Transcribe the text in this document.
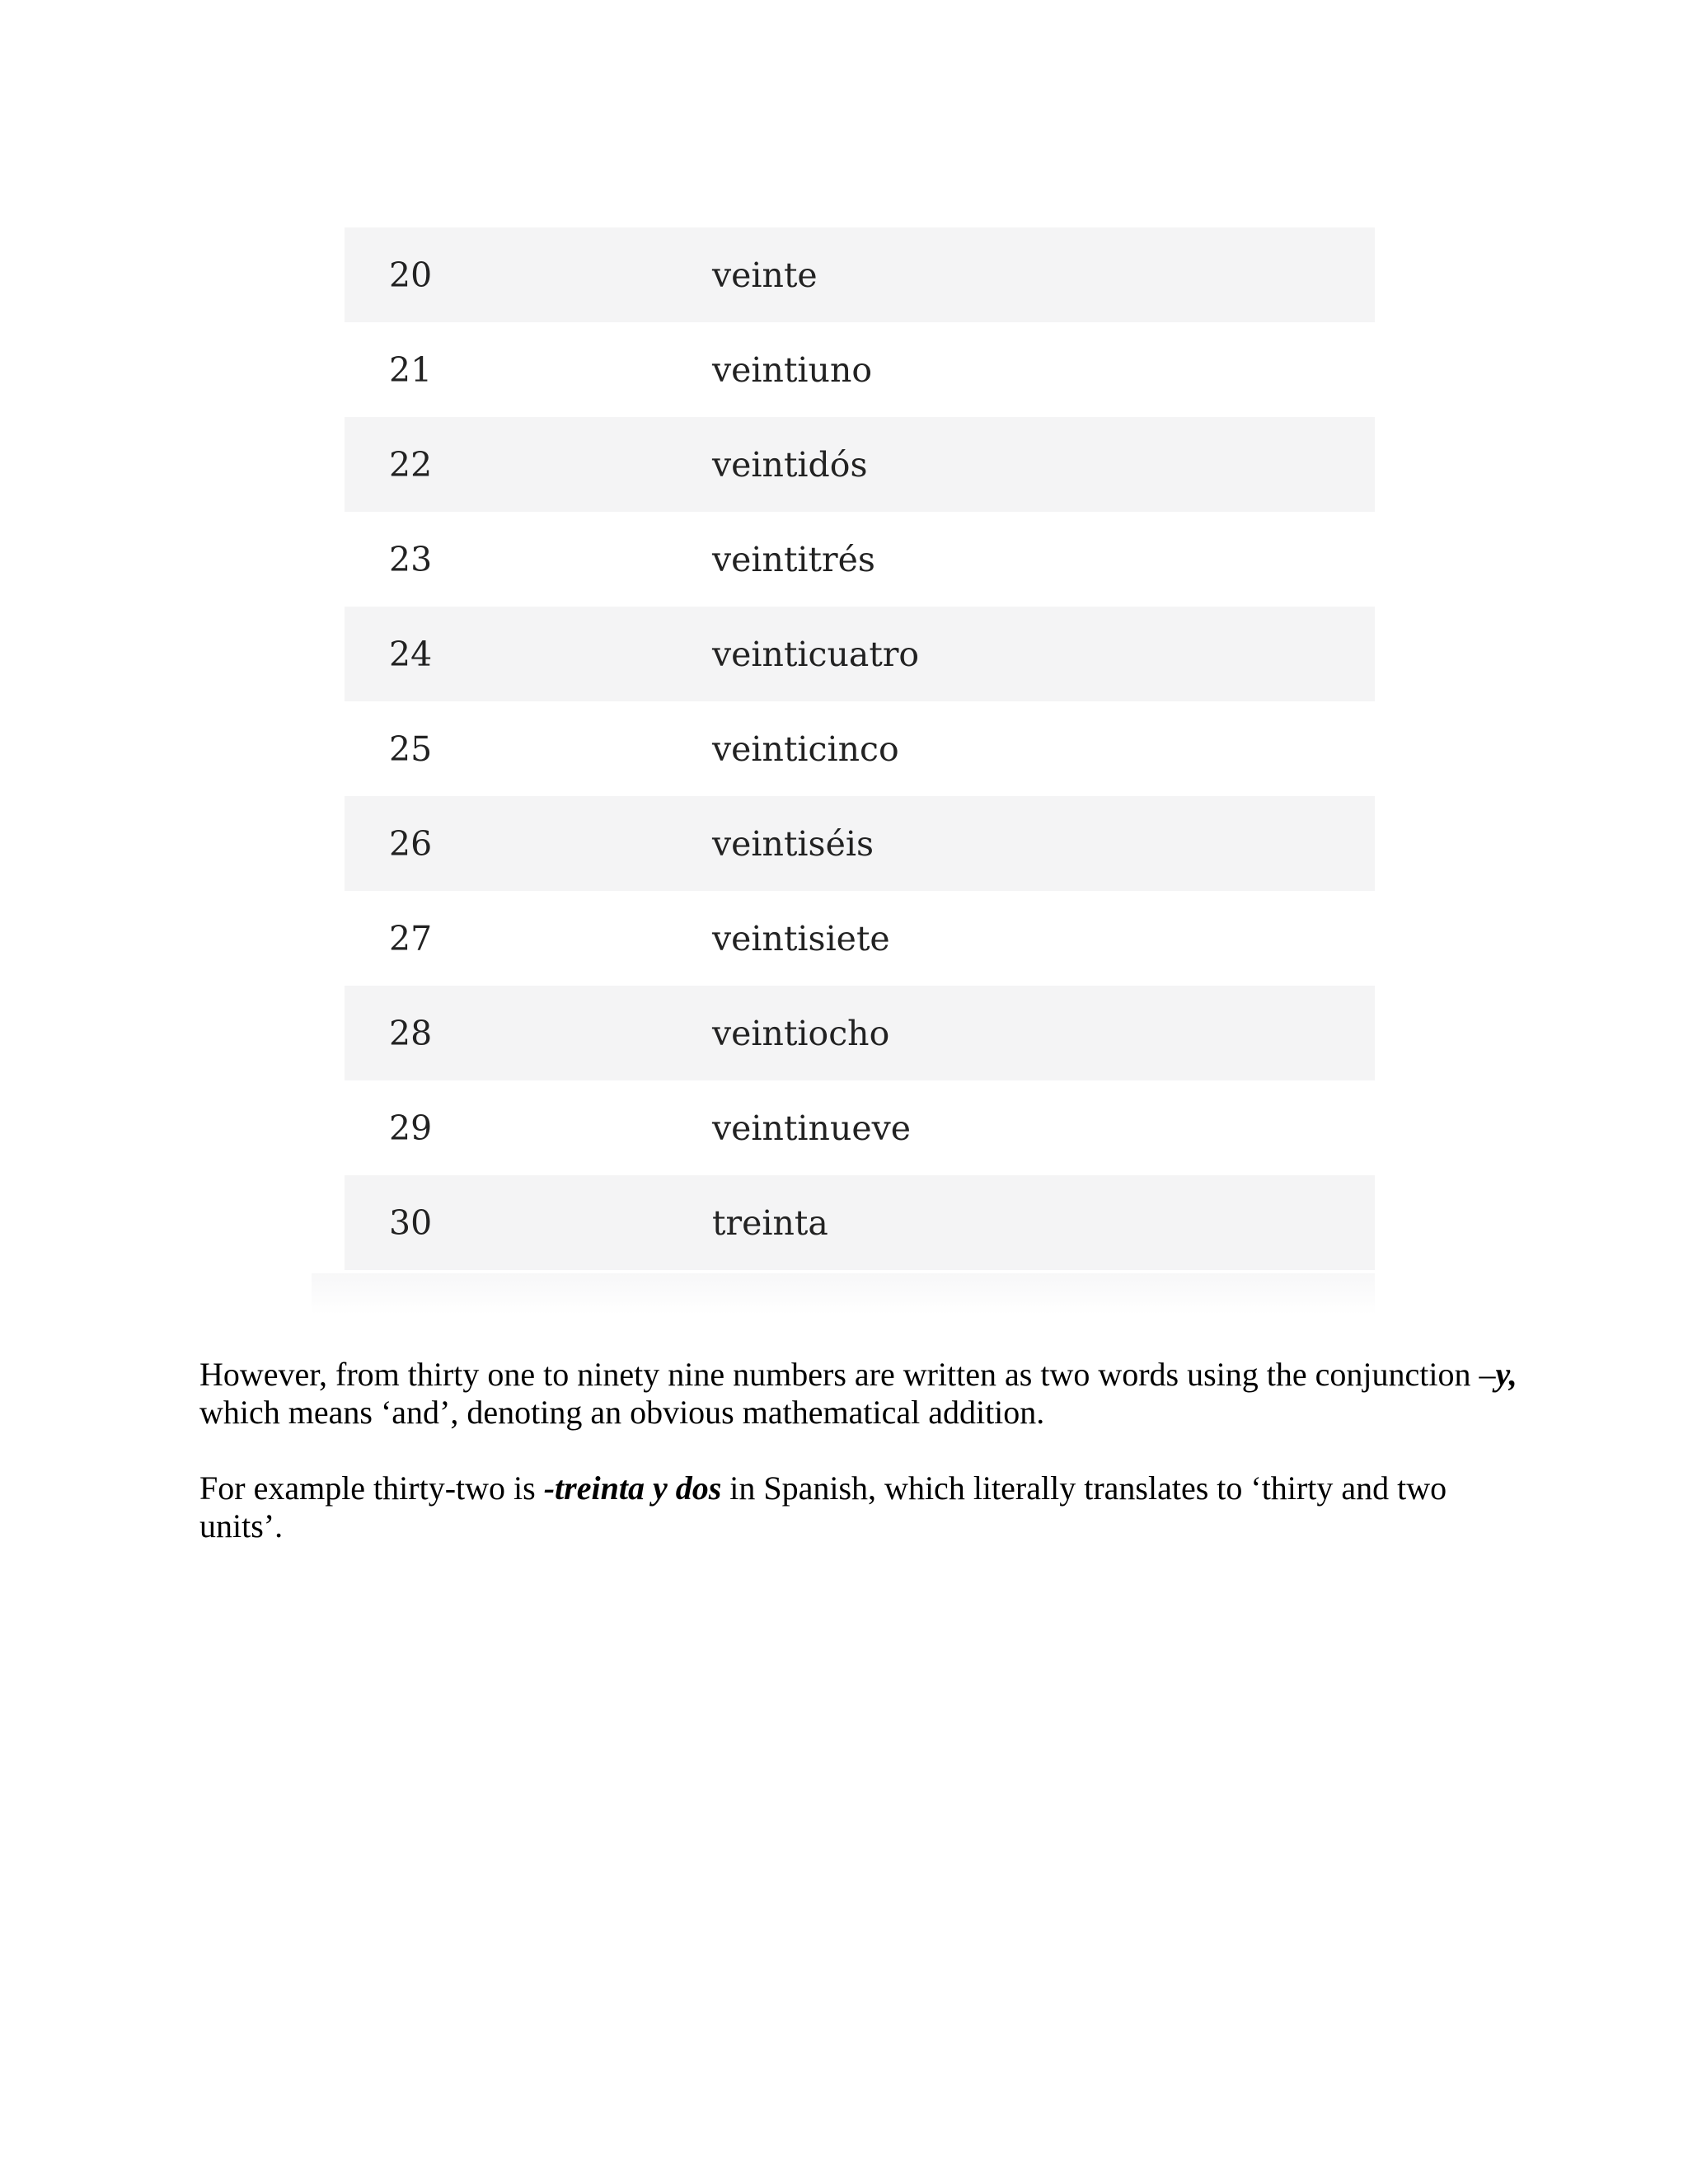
20	veinte
21	veintiuno
22	veintidós
23	veintitrés
24	veinticuatro
25	veinticinco
26	veintiséis
27	veintisiete
28	veintiocho
29	veintinueve
30	treinta

However, from thirty one to ninety nine numbers are written as two words using the conjunction –y, which means ‘and’, denoting an obvious mathematical addition.

For example thirty-two is -treinta y dos in Spanish, which literally translates to ‘thirty and two units’.
